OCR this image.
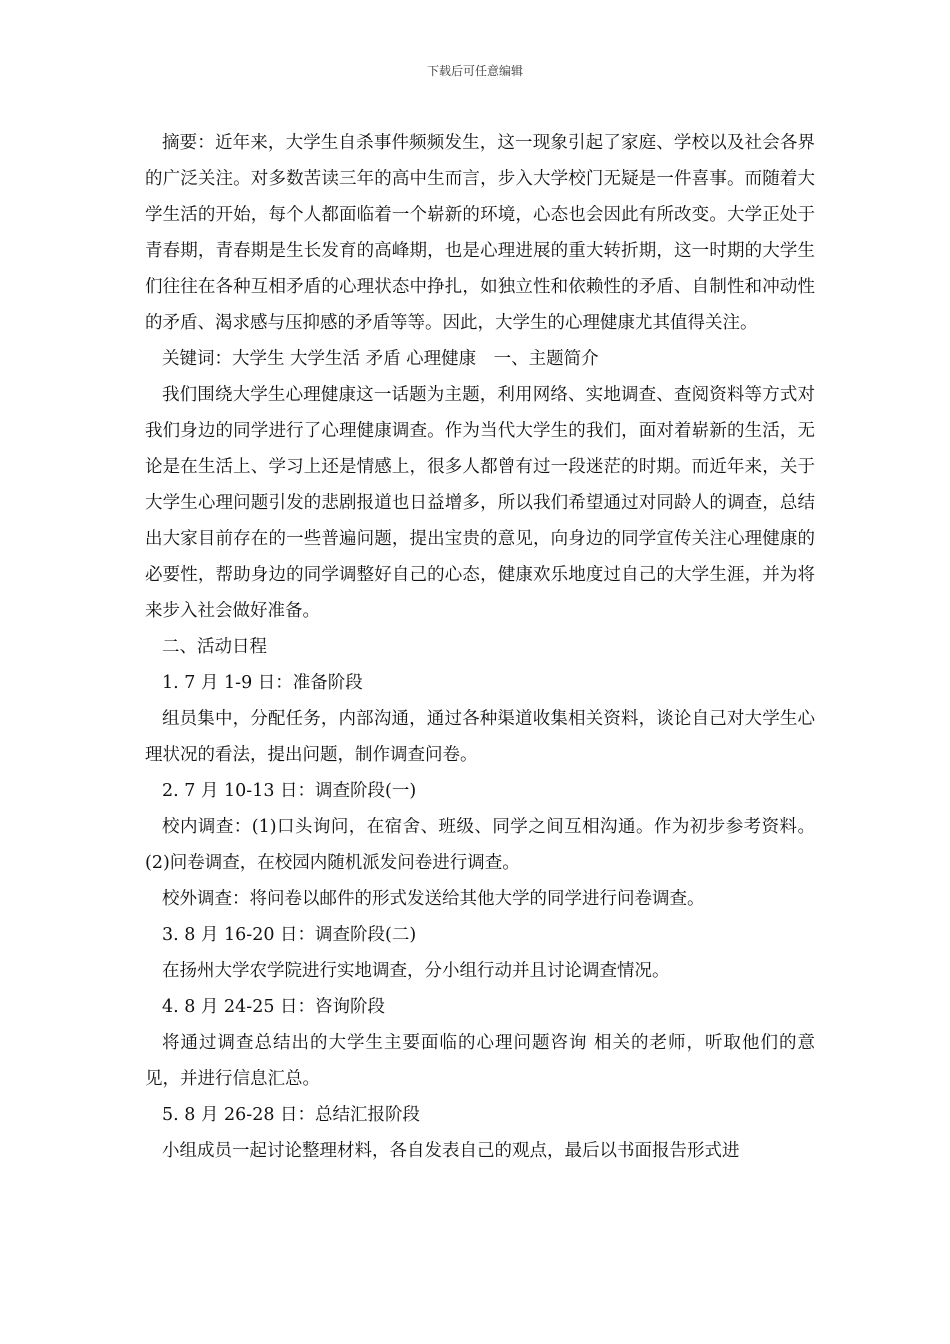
下载后可任意编辑

摘要：近年来，大学生自杀事件频频发生，这一现象引起了家庭、学校以及社会各界的广泛关注。对多数苦读三年的高中生而言，步入大学校门无疑是一件喜事。而随着大学生活的开始，每个人都面临着一个崭新的环境，心态也会因此有所改变。大学正处于青春期，青春期是生长发育的高峰期，也是心理进展的重大转折期，这一时期的大学生们往往在各种互相矛盾的心理状态中挣扎，如独立性和依赖性的矛盾、自制性和冲动性的矛盾、渴求感与压抑感的矛盾等等。因此，大学生的心理健康尤其值得关注。

关键词：大学生 大学生活 矛盾 心理健康　一、主题简介

我们围绕大学生心理健康这一话题为主题，利用网络、实地调查、查阅资料等方式对我们身边的同学进行了心理健康调查。作为当代大学生的我们，面对着崭新的生活，无论是在生活上、学习上还是情感上，很多人都曾有过一段迷茫的时期。而近年来，关于大学生心理问题引发的悲剧报道也日益增多，所以我们希望通过对同龄人的调查，总结出大家目前存在的一些普遍问题，提出宝贵的意见，向身边的同学宣传关注心理健康的必要性，帮助身边的同学调整好自己的心态，健康欢乐地度过自己的大学生涯，并为将来步入社会做好准备。

二、活动日程

1. 7 月 1-9 日：准备阶段

组员集中，分配任务，内部沟通，通过各种渠道收集相关资料，谈论自己对大学生心理状况的看法，提出问题，制作调查问卷。

2. 7 月 10-13 日：调查阶段(一)

校内调查：(1)口头询问，在宿舍、班级、同学之间互相沟通。作为初步参考资料。(2)问卷调查，在校园内随机派发问卷进行调查。

校外调查：将问卷以邮件的形式发送给其他大学的同学进行问卷调查。

3. 8 月 16-20 日：调查阶段(二)

在扬州大学农学院进行实地调查，分小组行动并且讨论调查情况。

4. 8 月 24-25 日：咨询阶段

将通过调查总结出的大学生主要面临的心理问题咨询 相关的老师，听取他们的意见，并进行信息汇总。

5. 8 月 26-28 日：总结汇报阶段

小组成员一起讨论整理材料，各自发表自己的观点，最后以书面报告形式进
